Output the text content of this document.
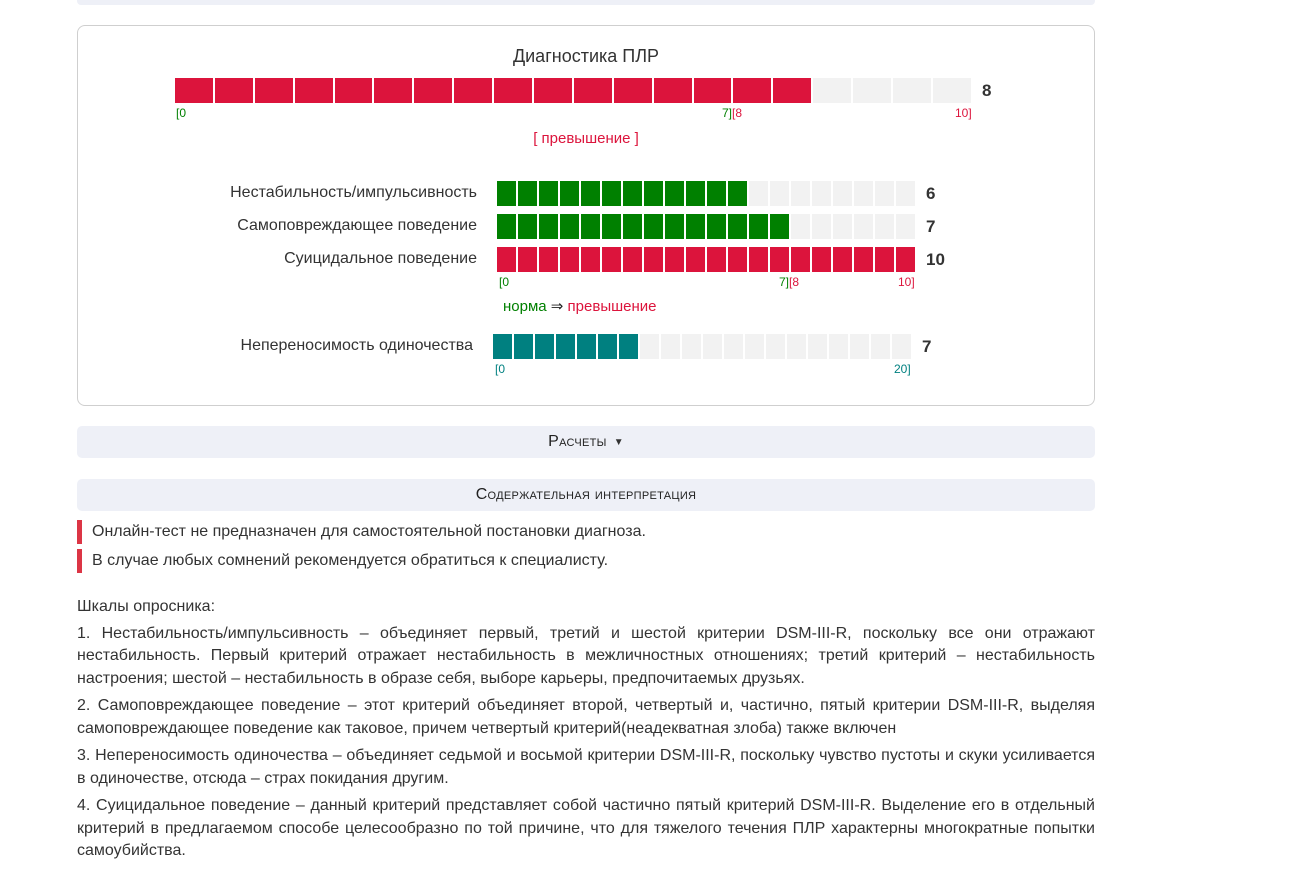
Диагностика ПЛР
8
[0	7][8	10]
[ превышение ]
Нестабильность/импульсивность	6
Самоповреждающее поведение	7
Суицидальное поведение	10
[0	7][8	10]
норма ⇒ превышение
Непереносимость одиночества	7
[0	20]
Расчеты ▼
Содержательная интерпретация
Онлайн-тест не предназначен для самостоятельной постановки диагноза.
В случае любых сомнений рекомендуется обратиться к специалисту.

Шкалы опросника:

1. Нестабильность/импульсивность – объединяет первый, третий и шестой критерии DSM-III-R, поскольку все они отражают нестабильность. Первый критерий отражает нестабильность в межличностных отношениях; третий критерий – нестабильность настроения; шестой – нестабильность в образе себя, выборе карьеры, предпочитаемых друзьях.

2. Самоповреждающее поведение – этот критерий объединяет второй, четвертый и, частично, пятый критерии DSM-III-R, выделяя самоповреждающее поведение как таковое, причем четвертый критерий(неадекватная злоба) также включен

3. Непереносимость одиночества – объединяет седьмой и восьмой критерии DSM-III-R, поскольку чувство пустоты и скуки усиливается в одиночестве, отсюда – страх покидания другим.

4. Суицидальное поведение – данный критерий представляет собой частично пятый критерий DSM-III-R. Выделение его в отдельный критерий в предлагаемом способе целесообразно по той причине, что для тяжелого течения ПЛР характерны многократные попытки самоубийства.
